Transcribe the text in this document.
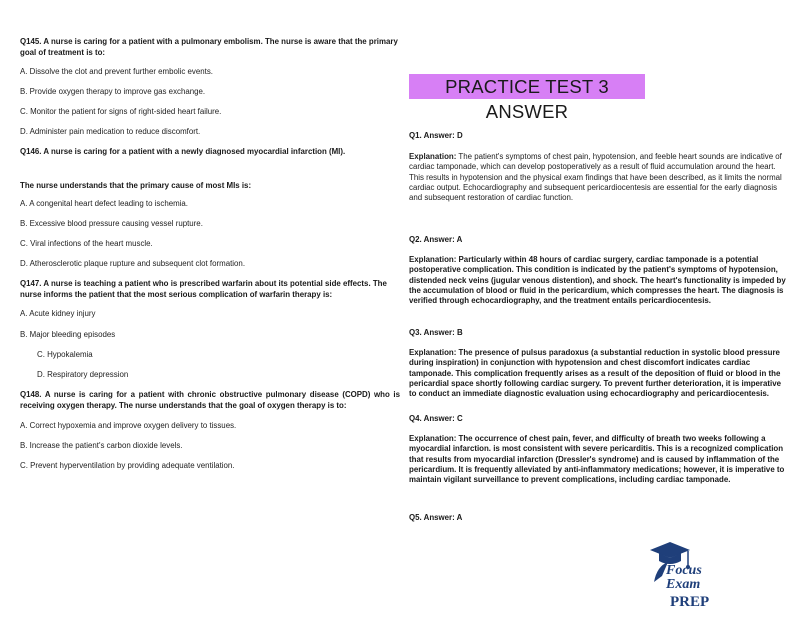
Q145. A nurse is caring for a patient with a pulmonary embolism. The nurse is aware that the primary goal of treatment is to:
A. Dissolve the clot and prevent further embolic events.
B. Provide oxygen therapy to improve gas exchange.
C. Monitor the patient for signs of right-sided heart failure.
D. Administer pain medication to reduce discomfort.
Q146. A nurse is caring for a patient with a newly diagnosed myocardial infarction (MI).
The nurse understands that the primary cause of most MIs is:
A. A congenital heart defect leading to ischemia.
B. Excessive blood pressure causing vessel rupture.
C. Viral infections of the heart muscle.
D. Atherosclerotic plaque rupture and subsequent clot formation.
Q147. A nurse is teaching a patient who is prescribed warfarin about its potential side effects. The nurse informs the patient that the most serious complication of warfarin therapy is:
A. Acute kidney injury
B. Major bleeding episodes
C. Hypokalemia
D. Respiratory depression
Q148. A nurse is caring for a patient with chronic obstructive pulmonary disease (COPD) who is receiving oxygen therapy. The nurse understands that the goal of oxygen therapy is to:
A. Correct hypoxemia and improve oxygen delivery to tissues.
B. Increase the patient's carbon dioxide levels.
C. Prevent hyperventilation by providing adequate ventilation.
PRACTICE TEST 3 ANSWER
Q1. Answer: D
Explanation: The patient's symptoms of chest pain, hypotension, and feeble heart sounds are indicative of cardiac tamponade, which can develop postoperatively as a result of fluid accumulation around the heart. This results in hypotension and the physical exam findings that have been described, as it limits the normal cardiac output. Echocardiography and subsequent pericardiocentesis are essential for the early diagnosis and subsequent restoration of cardiac function.
Q2. Answer: A
Explanation: Particularly within 48 hours of cardiac surgery, cardiac tamponade is a potential postoperative complication. This condition is indicated by the patient's symptoms of hypotension, distended neck veins (jugular venous distention), and shock. The heart's functionality is impeded by the accumulation of blood or fluid in the pericardium, which compresses the heart. The diagnosis is verified through echocardiography, and the treatment entails pericardiocentesis.
Q3. Answer: B
Explanation: The presence of pulsus paradoxus (a substantial reduction in systolic blood pressure during inspiration) in conjunction with hypotension and chest discomfort indicates cardiac tamponade. This complication frequently arises as a result of the deposition of fluid or blood in the pericardial space shortly following cardiac surgery. To prevent further deterioration, it is imperative to conduct an immediate diagnostic evaluation using echocardiography and pericardiocentesis.
Q4. Answer: C
Explanation: The occurrence of chest pain, fever, and difficulty of breath two weeks following a myocardial infarction. is most consistent with severe pericarditis. This is a recognized complication that results from myocardial infarction (Dressler's syndrome) and is caused by inflammation of the pericardium. It is frequently alleviated by anti-inflammatory medications; however, it is imperative to maintain vigilant surveillance to prevent complications, including cardiac tamponade.
Q5. Answer: A
Focus
Exam
PREP
